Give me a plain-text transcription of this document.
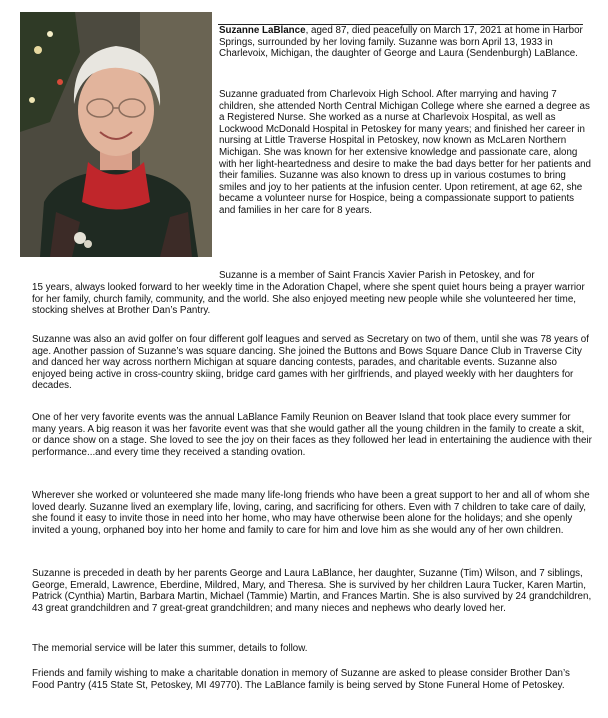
Suzanne LaBlance, aged 87, died peacefully on March 17, 2021 at home in Harbor Springs, surrounded by her loving family. Suzanne was born April 13, 1933 in Charlevoix, Michigan, the daughter of George and Laura (Sendenburgh) LaBlance.

Suzanne graduated from Charlevoix High School. After marrying and having 7 children, she attended North Central Michigan College where she earned a degree as a Registered Nurse. She worked as a nurse at Charlevoix Hospital, as well as Lockwood McDonald Hospital in Petoskey for many years; and finished her career in nursing at Little Traverse Hospital in Petoskey, now known as McLaren Northern Michigan. She was known for her extensive knowledge and passionate care, along with her light-heartedness and desire to make the bad days better for her patients and their families. Suzanne was also known to dress up in various costumes to bring smiles and joy to her patients at the infusion center. Upon retirement, at age 62, she became a volunteer nurse for Hospice, being a compassionate support to patients and families in her care for 8 years.

Suzanne is a member of Saint Francis Xavier Parish in Petoskey, and for

15 years, always looked forward to her weekly time in the Adoration Chapel, where she spent quiet hours being a prayer warrior for her family, church family, community, and the world. She also enjoyed meeting new people while she volunteered her time, stocking shelves at Brother Dan’s Pantry.

Suzanne was also an avid golfer on four different golf leagues and served as Secretary on two of them, until she was 78 years of age. Another passion of Suzanne’s was square dancing. She joined the Buttons and Bows Square Dance Club in Traverse City and danced her way across northern Michigan at square dancing contests, parades, and charitable events. Suzanne also enjoyed being active in cross-country skiing, bridge card games with her girlfriends, and played weekly with her daughters for decades.

One of her very favorite events was the annual LaBlance Family Reunion on Beaver Island that took place every summer for many years. A big reason it was her favorite event was that she would gather all the young children in the family to create a skit, or dance show on a stage. She loved to see the joy on their faces as they followed her lead in entertaining the audience with their performance...and every time they received a standing ovation.

Wherever she worked or volunteered she made many life-long friends who have been a great support to her and all of whom she loved dearly. Suzanne lived an exemplary life, loving, caring, and sacrificing for others. Even with 7 children to take care of daily, she found it easy to invite those in need into her home, who may have otherwise been alone for the holidays; and she openly invited a young, orphaned boy into her home and family to care for him and love him as she would any of her own children.

Suzanne is preceded in death by her parents George and Laura LaBlance, her daughter, Suzanne (Tim) Wilson, and 7 siblings, George, Emerald, Lawrence, Eberdine, Mildred, Mary, and Theresa. She is survived by her children Laura Tucker, Karen Martin, Patrick (Cynthia) Martin, Barbara Martin, Michael (Tammie) Martin, and Frances Martin. She is also survived by 24 grandchildren, 43 great grandchildren and 7 great-great grandchildren; and many nieces and nephews who dearly loved her.

The memorial service will be later this summer, details to follow.

Friends and family wishing to make a charitable donation in memory of Suzanne are asked to please consider Brother Dan’s Food Pantry (415 State St, Petoskey, MI 49770). The LaBlance family is being served by Stone Funeral Home of Petoskey.
